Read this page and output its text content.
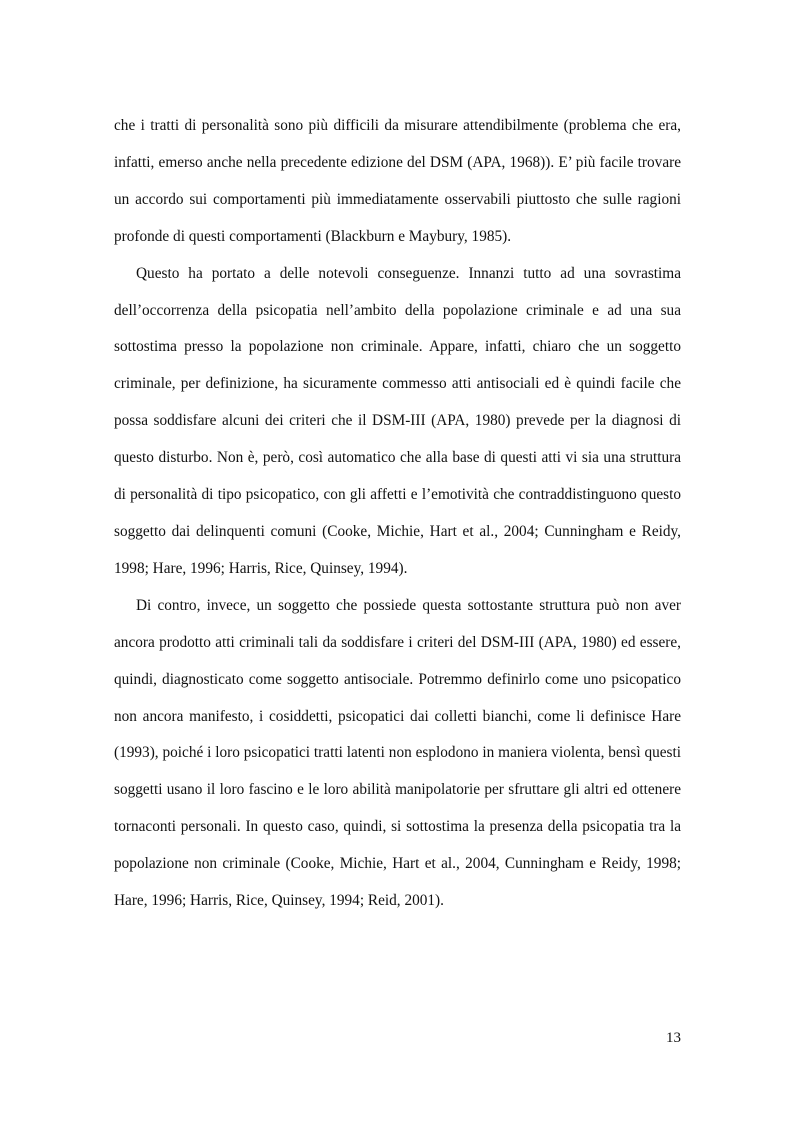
che i tratti di personalità sono più difficili da misurare attendibilmente (problema che era, infatti, emerso anche nella precedente edizione del DSM (APA, 1968)). E’ più facile trovare un accordo sui comportamenti più immediatamente osservabili piuttosto che sulle ragioni profonde di questi comportamenti (Blackburn e Maybury, 1985).

Questo ha portato a delle notevoli conseguenze. Innanzi tutto ad una sovrastima dell’occorrenza della psicopatia nell’ambito della popolazione criminale e ad una sua sottostima presso la popolazione non criminale. Appare, infatti, chiaro che un soggetto criminale, per definizione, ha sicuramente commesso atti antisociali ed è quindi facile che possa soddisfare alcuni dei criteri che il DSM-III (APA, 1980) prevede per la diagnosi di questo disturbo. Non è, però, così automatico che alla base di questi atti vi sia una struttura di personalità di tipo psicopatico, con gli affetti e l’emotività che contraddistinguono questo soggetto dai delinquenti comuni (Cooke, Michie, Hart et al., 2004; Cunningham e Reidy, 1998; Hare, 1996; Harris, Rice, Quinsey, 1994).

Di contro, invece, un soggetto che possiede questa sottostante struttura può non aver ancora prodotto atti criminali tali da soddisfare i criteri del DSM-III (APA, 1980) ed essere, quindi, diagnosticato come soggetto antisociale. Potremmo definirlo come uno psicopatico non ancora manifesto, i cosiddetti, psicopatici dai colletti bianchi, come li definisce Hare (1993), poiché i loro psicopatici tratti latenti non esplodono in maniera violenta, bensì questi soggetti usano il loro fascino e le loro abilità manipolatorie per sfruttare gli altri ed ottenere tornaconti personali. In questo caso, quindi, si sottostima la presenza della psicopatia tra la popolazione non criminale (Cooke, Michie, Hart et al., 2004, Cunningham e Reidy, 1998; Hare, 1996; Harris, Rice, Quinsey, 1994; Reid, 2001).

13
